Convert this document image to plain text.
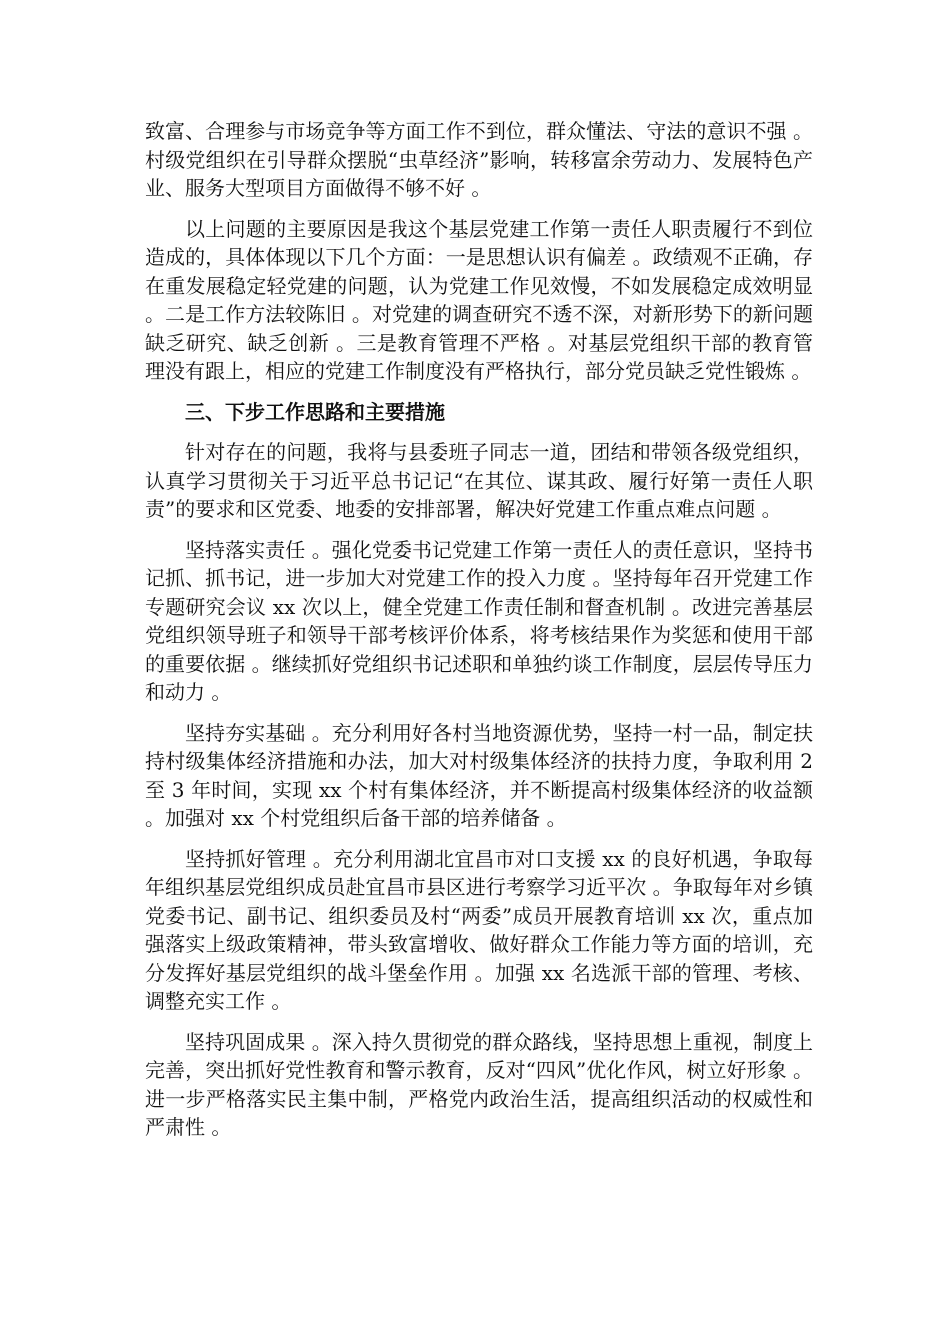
致富、合理参与市场竞争等方面工作不到位，群众懂法、守法的意识不强 。村级党组织在引导群众摆脱“虫草经济”影响，转移富余劳动力、发展特色产业、服务大型项目方面做得不够不好 。

以上问题的主要原因是我这个基层党建工作第一责任人职责履行不到位造成的，具体体现以下几个方面：一是思想认识有偏差 。政绩观不正确，存在重发展稳定轻党建的问题，认为党建工作见效慢，不如发展稳定成效明显 。二是工作方法较陈旧 。对党建的调查研究不透不深，对新形势下的新问题缺乏研究、缺乏创新 。三是教育管理不严格 。对基层党组织干部的教育管理没有跟上，相应的党建工作制度没有严格执行，部分党员缺乏党性锻炼 。

三、下步工作思路和主要措施

针对存在的问题，我将与县委班子同志一道，团结和带领各级党组织，认真学习贯彻关于习近平总书记记“在其位、谋其政、履行好第一责任人职责”的要求和区党委、地委的安排部署，解决好党建工作重点难点问题 。

坚持落实责任 。强化党委书记党建工作第一责任人的责任意识，坚持书记抓、抓书记，进一步加大对党建工作的投入力度 。坚持每年召开党建工作专题研究会议 xx 次以上，健全党建工作责任制和督查机制 。改进完善基层党组织领导班子和领导干部考核评价体系，将考核结果作为奖惩和使用干部的重要依据 。继续抓好党组织书记述职和单独约谈工作制度，层层传导压力和动力 。

坚持夯实基础 。充分利用好各村当地资源优势，坚持一村一品，制定扶持村级集体经济措施和办法，加大对村级集体经济的扶持力度，争取利用 2 至 3 年时间，实现 xx 个村有集体经济，并不断提高村级集体经济的收益额 。加强对 xx 个村党组织后备干部的培养储备 。

坚持抓好管理 。充分利用湖北宜昌市对口支援 xx 的良好机遇，争取每年组织基层党组织成员赴宜昌市县区进行考察学习近平次 。争取每年对乡镇党委书记、副书记、组织委员及村“两委”成员开展教育培训 xx 次，重点加强落实上级政策精神，带头致富增收、做好群众工作能力等方面的培训，充分发挥好基层党组织的战斗堡垒作用 。加强 xx 名选派干部的管理、考核、调整充实工作 。

坚持巩固成果 。深入持久贯彻党的群众路线，坚持思想上重视，制度上完善，突出抓好党性教育和警示教育，反对“四风”优化作风，树立好形象 。进一步严格落实民主集中制，严格党内政治生活，提高组织活动的权威性和严肃性 。
